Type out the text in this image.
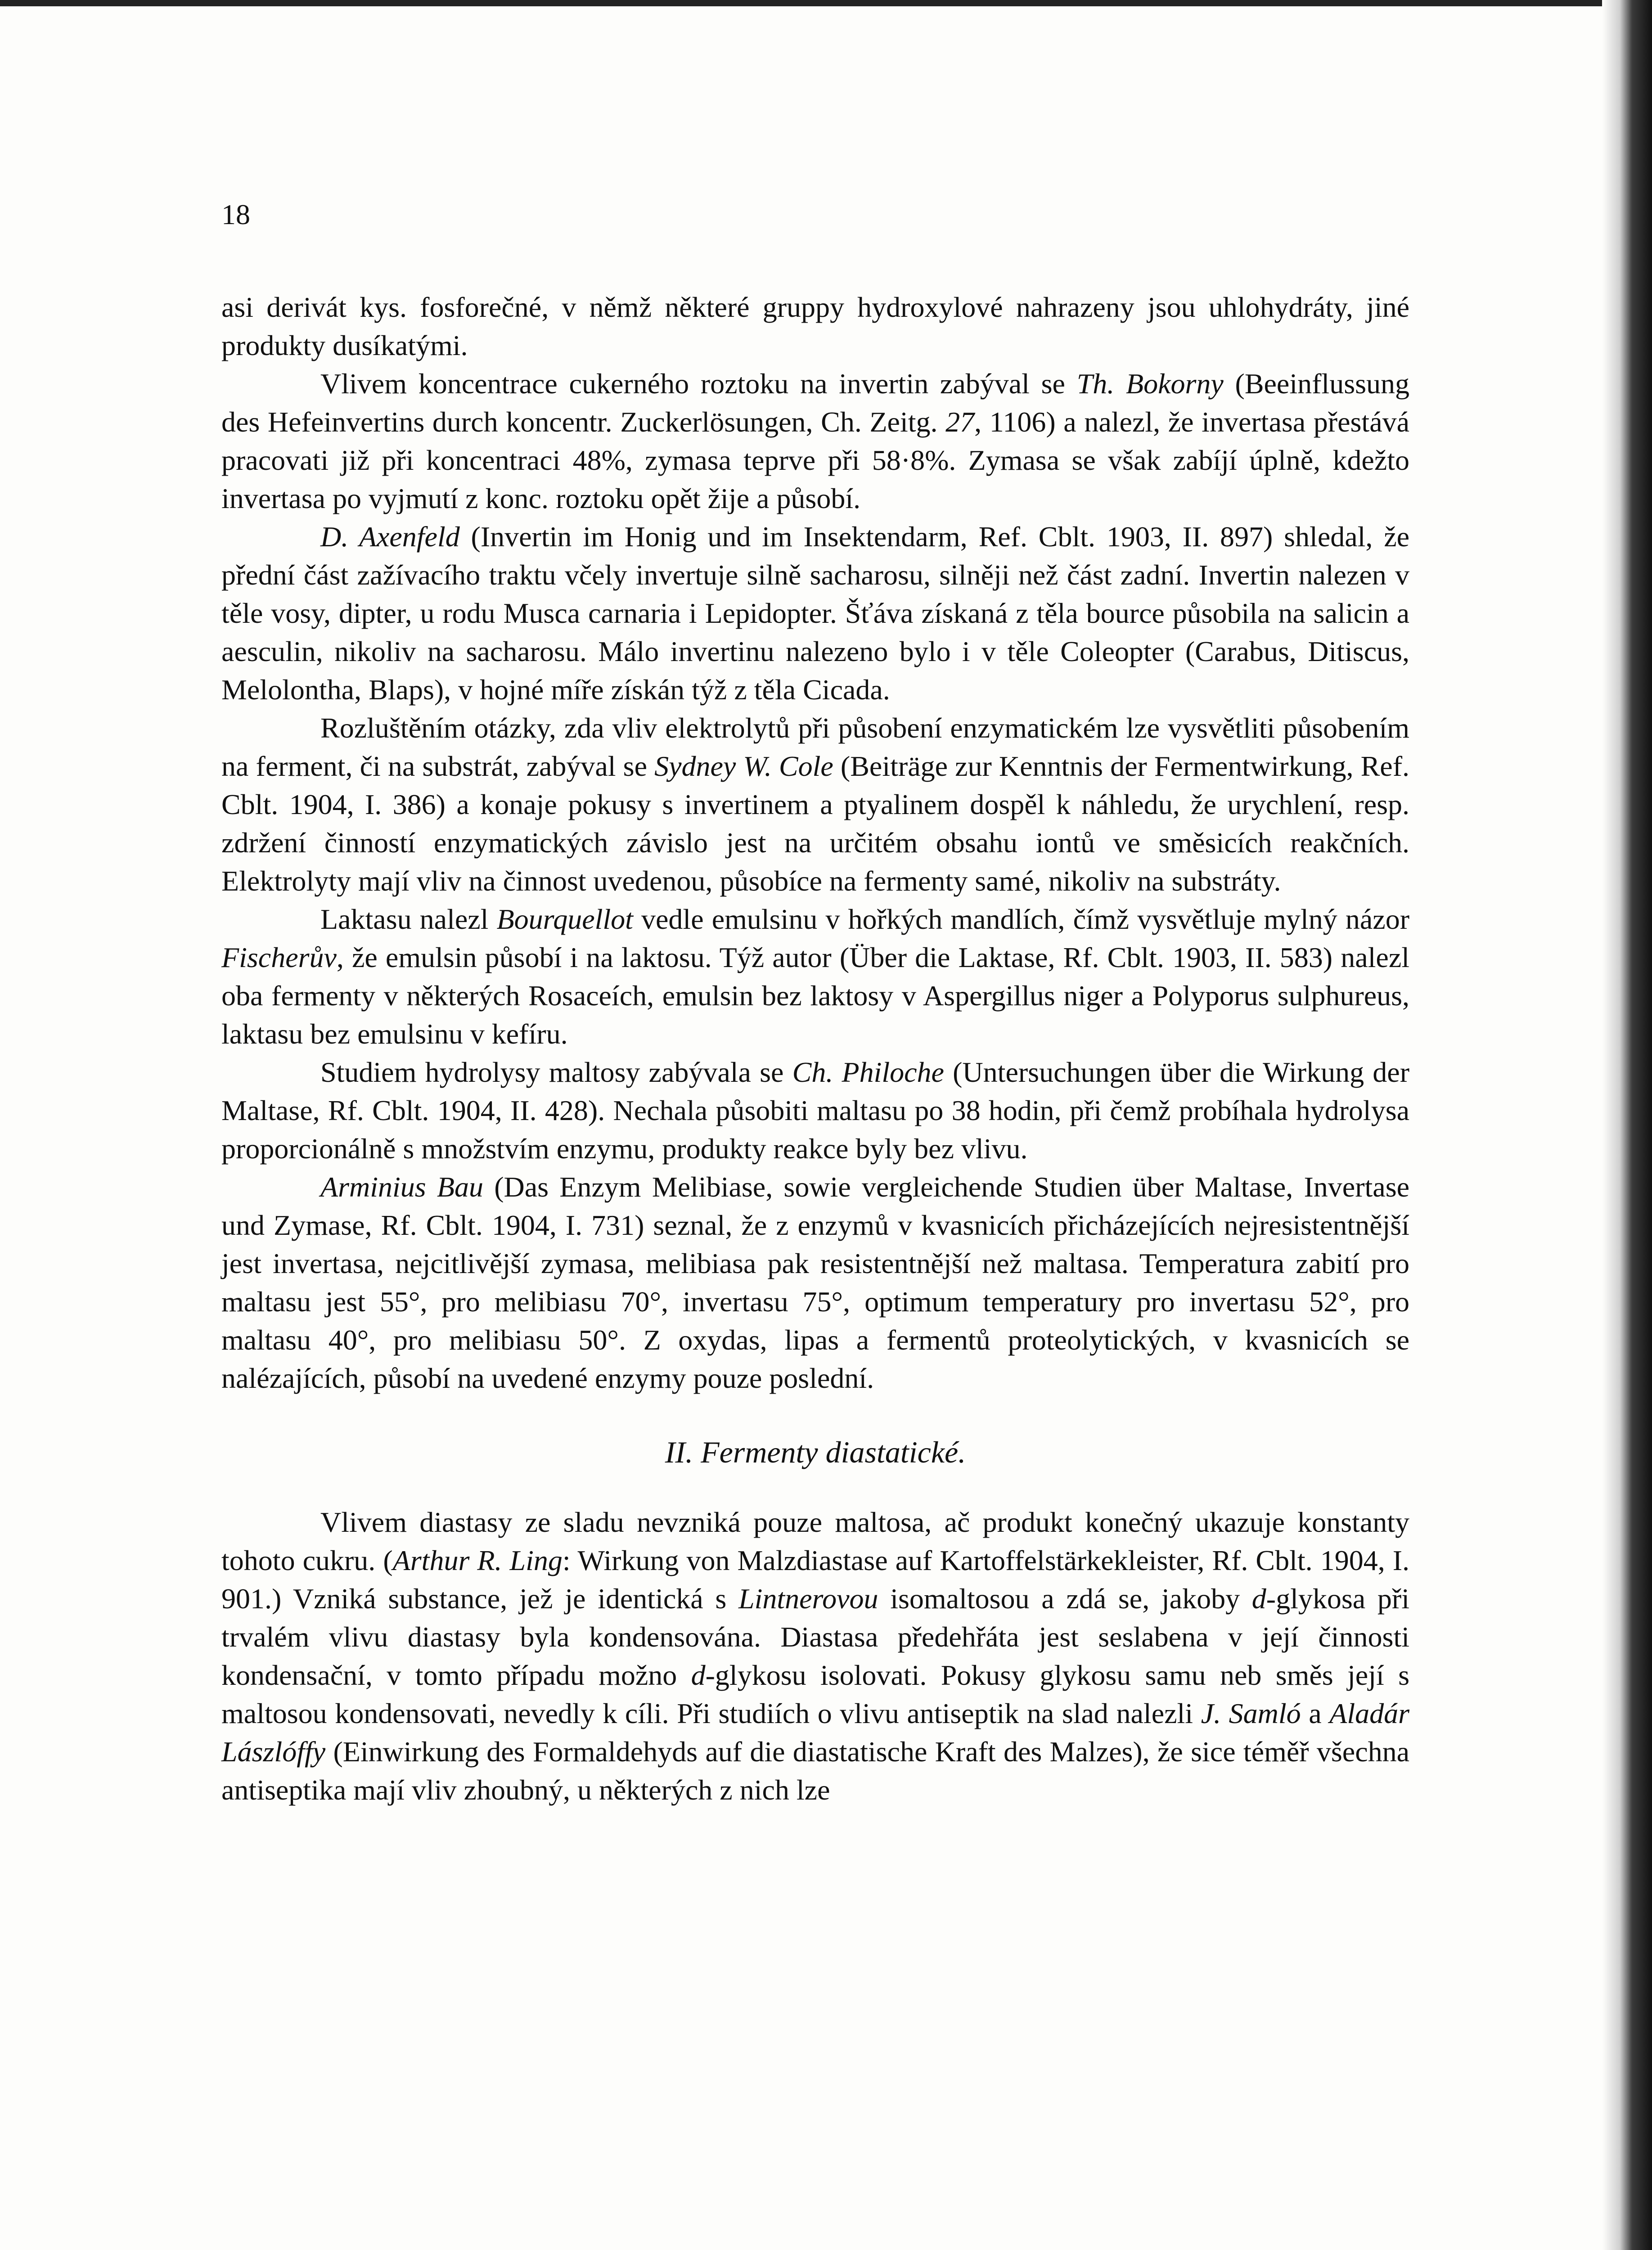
18

asi derivát kys. fosforečné, v němž některé gruppy hydroxylové nahrazeny jsou uhlohydráty, jiné produkty dusíkatými.

Vlivem koncentrace cukerného roztoku na invertin zabýval se Th. Bokorny (Beeinflussung des Hefeinvertins durch koncentr. Zuckerlösungen, Ch. Zeitg. 27, 1106) a nalezl, že invertasa přestává pracovati již při koncentraci 48%, zymasa teprve při 58·8%. Zymasa se však zabíjí úplně, kdežto invertasa po vyjmutí z konc. roztoku opět žije a působí.

D. Axenfeld (Invertin im Honig und im Insektendarm, Ref. Cblt. 1903, II. 897) shledal, že přední část zažívacího traktu včely invertuje silně sacharosu, silněji než část zadní. Invertin nalezen v těle vosy, dipter, u rodu Musca carnaria i Lepidopter. Šťáva získaná z těla bource působila na salicin a aesculin, nikoliv na sacharosu. Málo invertinu nalezeno bylo i v těle Coleopter (Carabus, Ditiscus, Melolontha, Blaps), v hojné míře získán týž z těla Cicada.

Rozluštěním otázky, zda vliv elektrolytů při působení enzymatickém lze vysvětliti působením na ferment, či na substrát, zabýval se Sydney W. Cole (Beiträge zur Kenntnis der Fermentwirkung, Ref. Cblt. 1904, I. 386) a konaje pokusy s invertinem a ptyalinem dospěl k náhledu, že urychlení, resp. zdržení činností enzymatických závislo jest na určitém obsahu iontů ve směsicích reakčních. Elektrolyty mají vliv na činnost uvedenou, působíce na fermenty samé, nikoliv na substráty.

Laktasu nalezl Bourquellot vedle emulsinu v hořkých mandlích, čímž vysvětluje mylný názor Fischerův, že emulsin působí i na laktosu. Týž autor (Über die Laktase, Rf. Cblt. 1903, II. 583) nalezl oba fermenty v některých Rosaceích, emulsin bez laktosy v Aspergillus niger a Polyporus sulphureus, laktasu bez emulsinu v kefíru.

Studiem hydrolysy maltosy zabývala se Ch. Philoche (Untersuchungen über die Wirkung der Maltase, Rf. Cblt. 1904, II. 428). Nechala působiti maltasu po 38 hodin, při čemž probíhala hydrolysa proporcionálně s množstvím enzymu, produkty reakce byly bez vlivu.

Arminius Bau (Das Enzym Melibiase, sowie vergleichende Studien über Maltase, Invertase und Zymase, Rf. Cblt. 1904, I. 731) seznal, že z enzymů v kvasnicích přicházejících nejresistentnější jest invertasa, nejcitlivější zymasa, melibiasa pak resistentnější než maltasa. Temperatura zabití pro maltasu jest 55°, pro melibiasu 70°, invertasu 75°, optimum temperatury pro invertasu 52°, pro maltasu 40°, pro melibiasu 50°. Z oxydas, lipas a fermentů proteolytických, v kvasnicích se nalézajících, působí na uvedené enzymy pouze poslední.

II. Fermenty diastatické.

Vlivem diastasy ze sladu nevzniká pouze maltosa, ač produkt konečný ukazuje konstanty tohoto cukru. (Arthur R. Ling: Wirkung von Malzdiastase auf Kartoffelstärkekleister, Rf. Cblt. 1904, I. 901.) Vzniká substance, jež je identická s Lintnerovou isomaltosou a zdá se, jakoby d-glykosa při trvalém vlivu diastasy byla kondensována. Diastasa předehřáta jest seslabena v její činnosti kondensační, v tomto případu možno d-glykosu isolovati. Pokusy glykosu samu neb směs její s maltosou kondensovati, nevedly k cíli. Při studiích o vlivu antiseptik na slad nalezli J. Samló a Aladár Lászlóffy (Einwirkung des Formaldehyds auf die diastatische Kraft des Malzes), že sice téměř všechna antiseptika mají vliv zhoubný, u některých z nich lze
